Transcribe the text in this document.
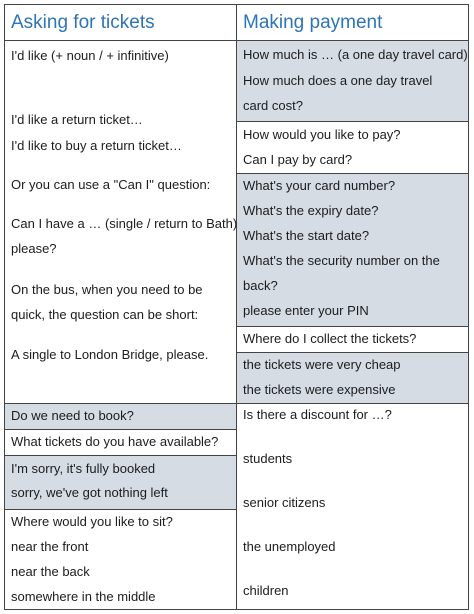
Asking for tickets	Making payment
I'd like (+ noun / + infinitive)
I'd like a return ticket…
I'd like to buy a return ticket…
Or you can use a "Can I" question:
Can I have a … (single / return to Bath)
please?
On the bus, when you need to be
quick, the question can be short:
A single to London Bridge, please.
Do we need to book?
What tickets do you have available?
I'm sorry, it's fully booked
sorry, we've got nothing left
Where would you like to sit?
near the front
near the back
somewhere in the middle
How much is … (a one day travel card)
How much does a one day travel
card cost?
How would you like to pay?
Can I pay by card?
What's your card number?
What's the expiry date?
What's the start date?
What's the security number on the
back?
please enter your PIN
Where do I collect the tickets?
the tickets were very cheap
the tickets were expensive
Is there a discount for …?
students
senior citizens
the unemployed
children
